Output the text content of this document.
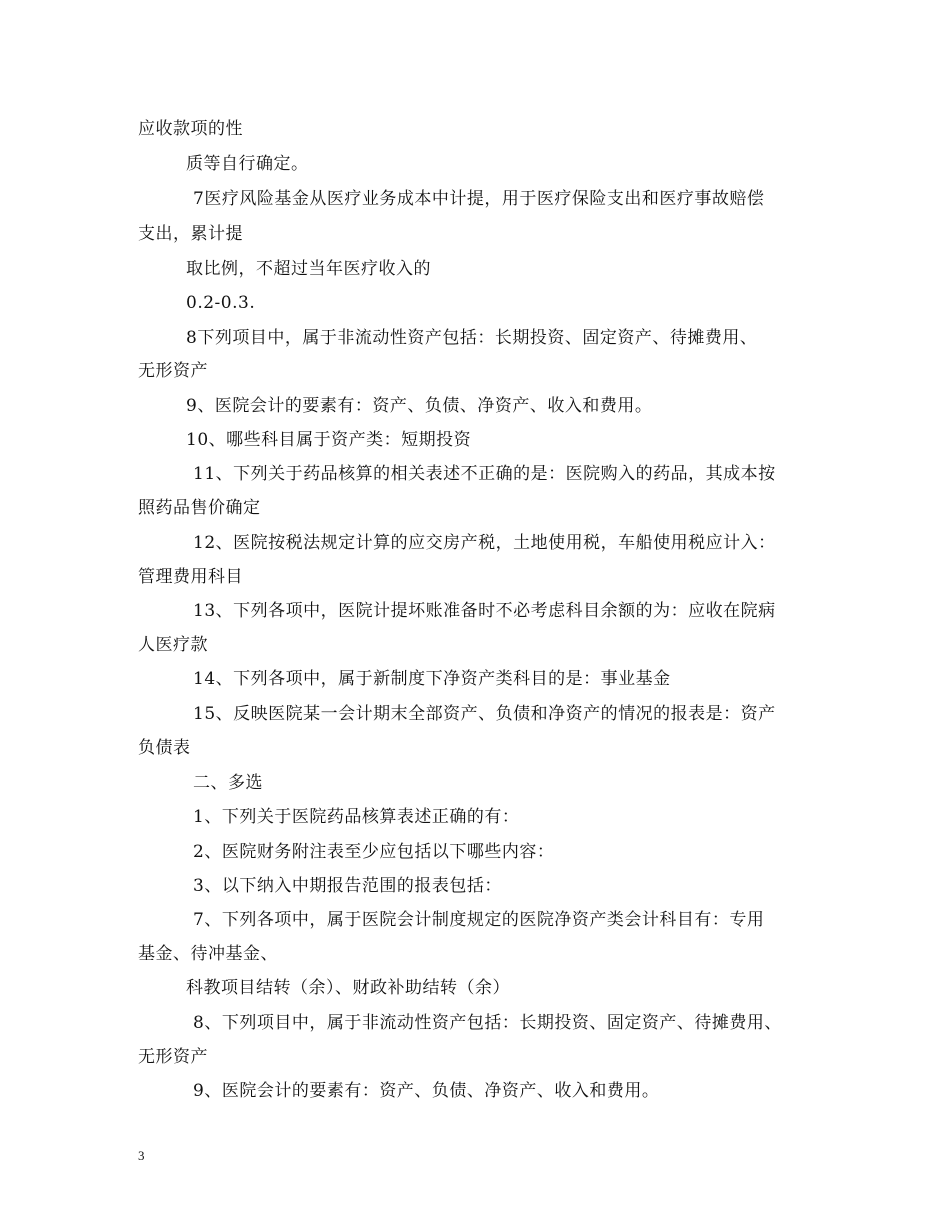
应收款项的性
质等自行确定。
7医疗风险基金从医疗业务成本中计提，用于医疗保险支出和医疗事故赔偿
支出，累计提
取比例，不超过当年医疗收入的
0.2-0.3.
8下列项目中，属于非流动性资产包括：长期投资、固定资产、待摊费用、
无形资产
9、医院会计的要素有：资产、负债、净资产、收入和费用。
10、哪些科目属于资产类：短期投资
11、下列关于药品核算的相关表述不正确的是：医院购入的药品，其成本按
照药品售价确定
12、医院按税法规定计算的应交房产税，土地使用税，车船使用税应计入：
管理费用科目
13、下列各项中，医院计提坏账准备时不必考虑科目余额的为：应收在院病
人医疗款
14、下列各项中，属于新制度下净资产类科目的是：事业基金
15、反映医院某一会计期末全部资产、负债和净资产的情况的报表是：资产
负债表
二、多选
1、下列关于医院药品核算表述正确的有：
2、医院财务附注表至少应包括以下哪些内容：
3、以下纳入中期报告范围的报表包括：
7、下列各项中，属于医院会计制度规定的医院净资产类会计科目有：专用
基金、待冲基金、
科教项目结转（余）、财政补助结转（余）
8、下列项目中，属于非流动性资产包括：长期投资、固定资产、待摊费用、
无形资产
9、医院会计的要素有：资产、负债、净资产、收入和费用。
3
